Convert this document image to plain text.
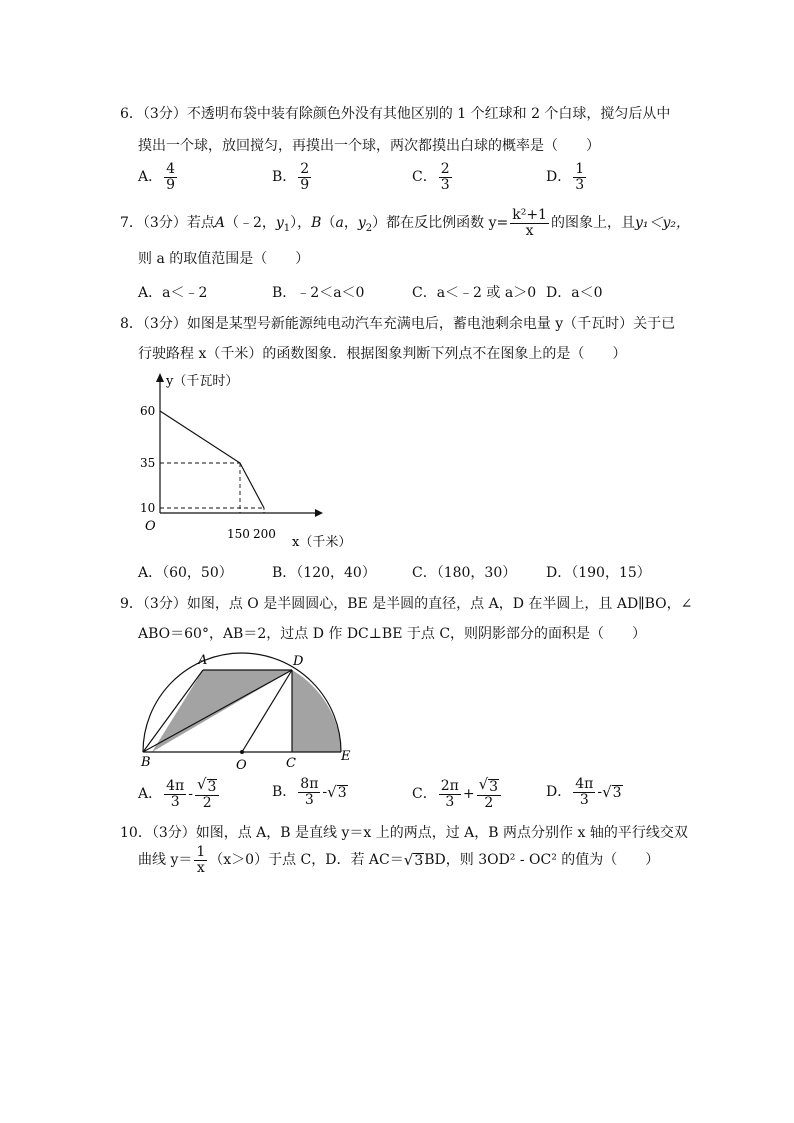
6．（3分）不透明布袋中装有除颜色外没有其他区别的 1 个红球和 2 个白球，搅匀后从中
摸出一个球，放回搅匀，再摸出一个球，两次都摸出白球的概率是（　　）
A． $\frac{4}{9}$	B． $\frac{2}{9}$	C． $\frac{2}{3}$	D． $\frac{1}{3}$
7．（3分）若点A（﹣2，$y_1$），B（a，$y_2$）都在反比例函数 $y= \frac{\text{k²+1}}{x}$ 的图象上，且y₁＜y₂，
则 a 的取值范围是（　　）
A．a＜﹣2	B．﹣2＜a＜0	C．a＜﹣2 或 a＞0 D．a＜0
8．（3分）如图是某型号新能源纯电动汽车充满电后，蓄电池剩余电量 y（千瓦时）关于已
行驶路程 x（千米）的函数图象．根据图象判断下列点不在图象上的是（　　）
y（千瓦时）
x（千米）
O
60
35
10
150 200
A．（60，50）	B．（120，40）	C．（180，30） D．（190，15）
9．（3分）如图，点 O 是半圆圆心，BE 是半圆的直径，点 A，D 在半圆上，且 AD∥BO，∠
ABO＝60°，AB＝2，过点 D 作 DC⊥BE 于点 C，则阴影部分的面积是（　　）
A	D
B	O	C	E
A． $\frac{4\pi}{3} - \frac{√ 3}{2}$	B． $\frac{8\pi}{3}$ - √ 3	C． $\frac{2\pi}{3} + \frac{√ 3}{2}$	D． $\frac{4\pi}{3}$ - √ 3
10．（3分）如图，点 A，B 是直线 y＝x 上的两点，过 A，B 两点分别作 x 轴的平行线交双
曲线 $y= \frac{1}{x} (x>0)$于点 C，D．若 AC＝ √ 3 BD，则 3OD² - OC² 的值为（　　）
